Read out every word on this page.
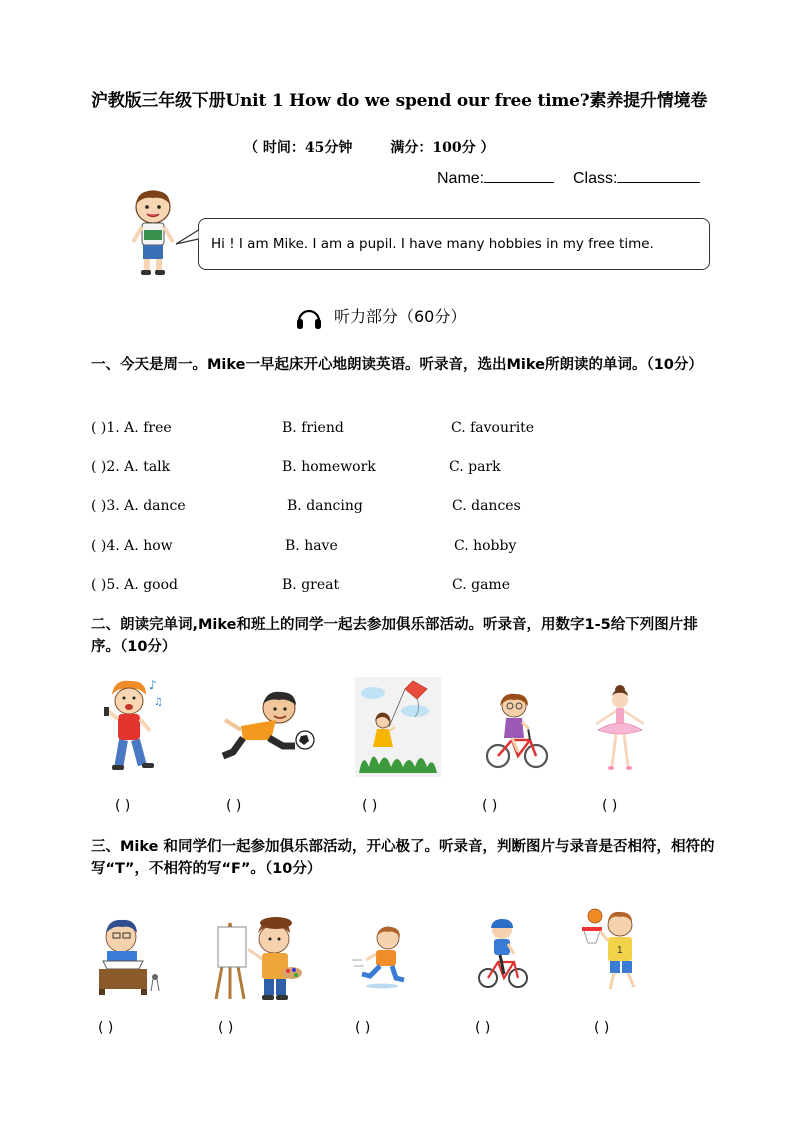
沪教版三年级下册Unit 1 How do we spend our free time?素养提升情境卷
（ 时间：45分钟	满分：100分 ）
Name:	Class:
Hi ! I am Mike. I am a pupil. I have many hobbies in my free time.
听力部分（60分）
一、今天是周一。Mike一早起床开心地朗读英语。听录音，选出Mike所朗读的单词。（10分）
( )1. A. free	B. friend	C. favourite
( )2. A. talk	B. homework	C. park
( )3. A. dance	B. dancing	C. dances
( )4. A. how	B. have	C. hobby
( )5. A. good	B. great	C. game
二、朗读完单词,Mike和班上的同学一起去参加俱乐部活动。听录音，用数字1-5给下列图片排序。（10分）
♪
♫
( )	( )	( )	( )	( )
三、Mike 和同学们一起参加俱乐部活动，开心极了。听录音，判断图片与录音是否相符，相符的写“T”，不相符的写“F”。（10分）
1
( )	( )	( )	( )	( )
